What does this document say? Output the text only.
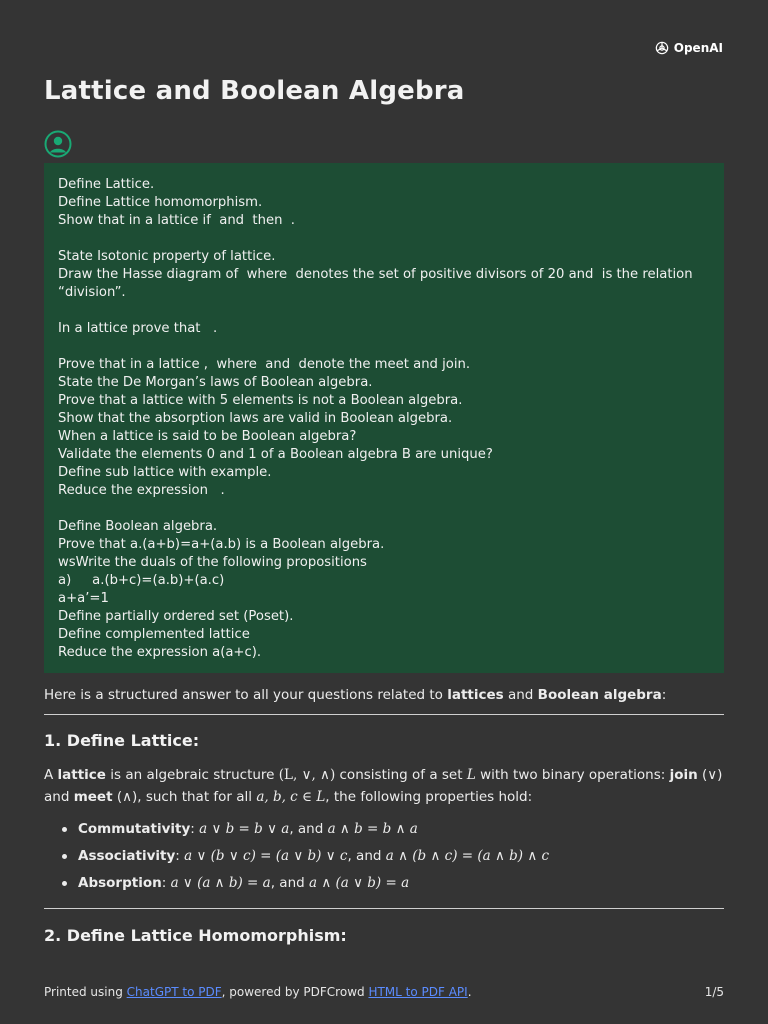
OpenAI
Lattice and Boolean Algebra
Define Lattice.
Define Lattice homomorphism.
Show that in a lattice if  and  then  .
State Isotonic property of lattice.
Draw the Hasse diagram of  where  denotes the set of positive divisors of 20 and  is the relation
“division”.
In a lattice prove that   .
Prove that in a lattice ,  where  and  denote the meet and join.
State the De Morgan’s laws of Boolean algebra.
Prove that a lattice with 5 elements is not a Boolean algebra.
Show that the absorption laws are valid in Boolean algebra.
When a lattice is said to be Boolean algebra?
Validate the elements 0 and 1 of a Boolean algebra B are unique?
Define sub lattice with example.
Reduce the expression   .
Define Boolean algebra.
Prove that a.(a+b)=a+(a.b) is a Boolean algebra.
wsWrite the duals of the following propositions
a)     a.(b+c)=(a.b)+(a.c)
a+a’=1
Define partially ordered set (Poset).
Define complemented lattice
Reduce the expression a(a+c).
Here is a structured answer to all your questions related to lattices and Boolean algebra:
1. Define Lattice:
A lattice is an algebraic structure (L, ∨, ∧) consisting of a set L with two binary operations: join (∨)
and meet (∧), such that for all a, b, c ∈ L, the following properties hold:
Commutativity: a ∨ b = b ∨ a, and a ∧ b = b ∧ a
Associativity: a ∨ (b ∨ c) = (a ∨ b) ∨ c, and a ∧ (b ∧ c) = (a ∧ b) ∧ c
Absorption: a ∨ (a ∧ b) = a, and a ∧ (a ∨ b) = a
2. Define Lattice Homomorphism:
Printed using ChatGPT to PDF, powered by PDFCrowd HTML to PDF API.	1/5
